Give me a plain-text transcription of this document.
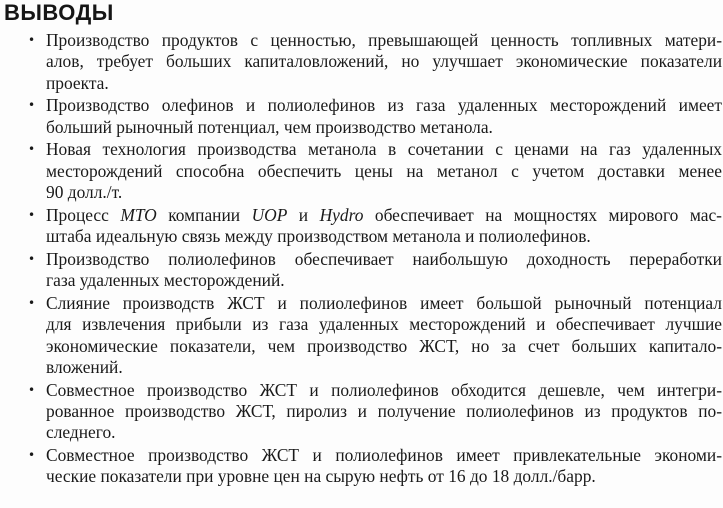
ВЫВОДЫ
• Производство продуктов с ценностью, превышающей ценность топливных матери-
алов, требует больших капиталовложений, но улучшает экономические показатели
проекта.
• Производство олефинов и полиолефинов из газа удаленных месторождений имеет
больший рыночный потенциал, чем производство метанола.
• Новая технология производства метанола в сочетании с ценами на газ удаленных
месторождений способна обеспечить цены на метанол с учетом доставки менее
90 долл./т.
• Процесс MTO компании UOP и Hydro обеспечивает на мощностях мирового мас-
штаба идеальную связь между производством метанола и полиолефинов.
• Производство полиолефинов обеспечивает наибольшую доходность переработки
газа удаленных месторождений.
• Слияние производств ЖСТ и полиолефинов имеет большой рыночный потенциал
для извлечения прибыли из газа удаленных месторождений и обеспечивает лучшие
экономические показатели, чем производство ЖСТ, но за счет больших капитало-
вложений.
• Совместное производство ЖСТ и полиолефинов обходится дешевле, чем интегри-
рованное производство ЖСТ, пиролиз и получение полиолефинов из продуктов по-
следнего.
• Совместное производство ЖСТ и полиолефинов имеет привлекательные экономи-
ческие показатели при уровне цен на сырую нефть от 16 до 18 долл./барр.
